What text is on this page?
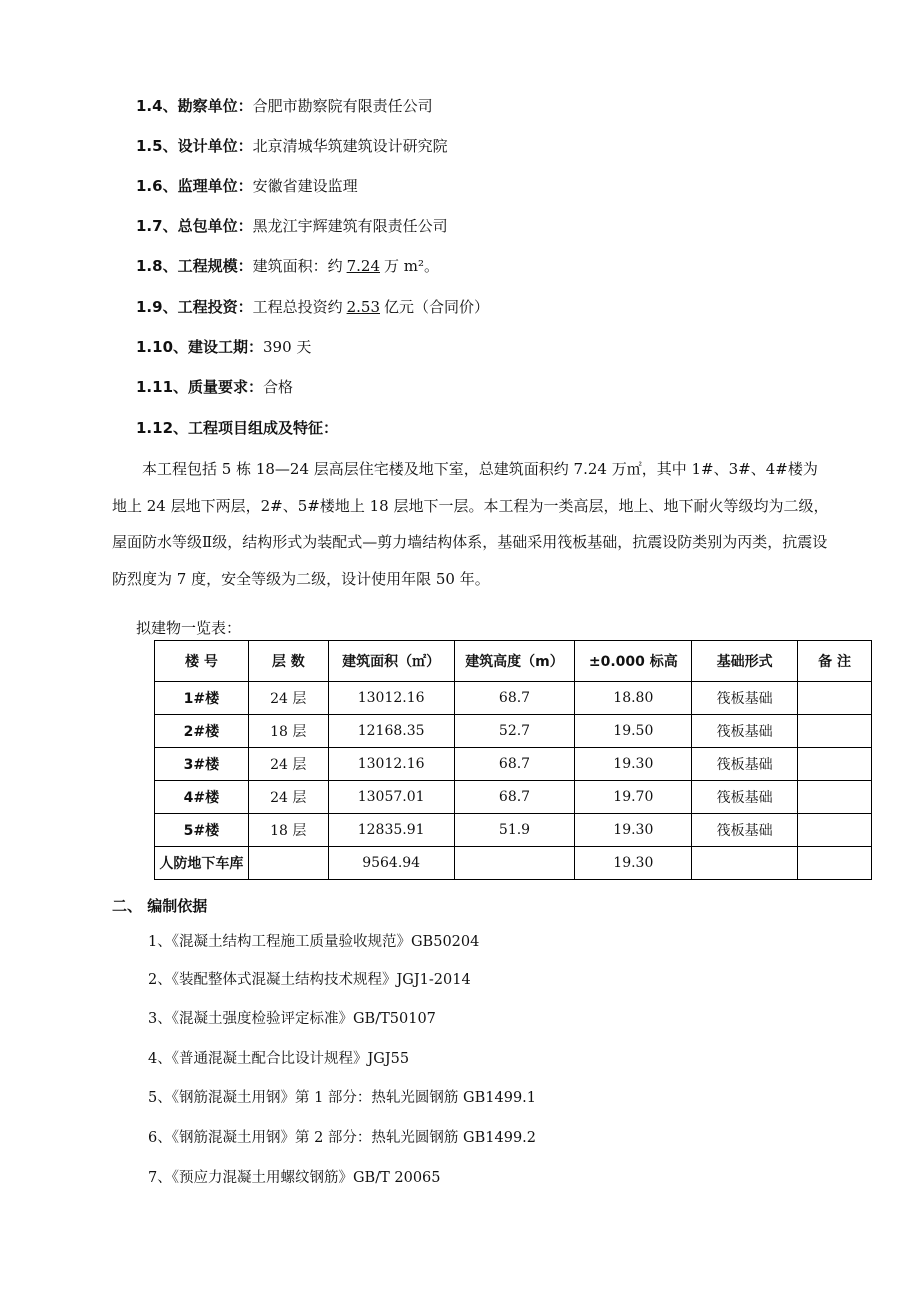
1.4、勘察单位：合肥市勘察院有限责任公司
1.5、设计单位：北京清城华筑建筑设计研究院
1.6、监理单位：安徽省建设监理
1.7、总包单位：黑龙江宇辉建筑有限责任公司
1.8、工程规模：建筑面积：约 7.24 万 m²。
1.9、工程投资：工程总投资约 2.53 亿元（合同价）
1.10、建设工期：390 天
1.11、质量要求：合格
1.12、工程项目组成及特征：
本工程包括 5 栋 18—24 层高层住宅楼及地下室，总建筑面积约 7.24 万㎡，其中 1#、3#、4#楼为地上 24 层地下两层，2#、5#楼地上 18 层地下一层。本工程为一类高层，地上、地下耐火等级均为二级，屋面防水等级Ⅱ级，结构形式为装配式—剪力墙结构体系，基础采用筏板基础，抗震设防类别为丙类，抗震设防烈度为 7 度，安全等级为二级，设计使用年限 50 年。
拟建物一览表：
楼 号	层 数	建筑面积（㎡）	建筑高度（m）	±0.000 标高	基础形式	备 注
1#楼	24 层	13012.16	68.7	18.80	筏板基础	
2#楼	18 层	12168.35	52.7	19.50	筏板基础	
3#楼	24 层	13012.16	68.7	19.30	筏板基础	
4#楼	24 层	13057.01	68.7	19.70	筏板基础	
5#楼	18 层	12835.91	51.9	19.30	筏板基础	
人防地下车库		9564.94		19.30		
二、 编制依据
1、《混凝土结构工程施工质量验收规范》GB50204
2、《装配整体式混凝土结构技术规程》JGJ1-2014
3、《混凝土强度检验评定标准》GB/T50107
4、《普通混凝土配合比设计规程》JGJ55
5、《钢筋混凝土用钢》第 1 部分：热轧光圆钢筋 GB1499.1
6、《钢筋混凝土用钢》第 2 部分：热轧光圆钢筋 GB1499.2
7、《预应力混凝土用螺纹钢筋》GB/T 20065
